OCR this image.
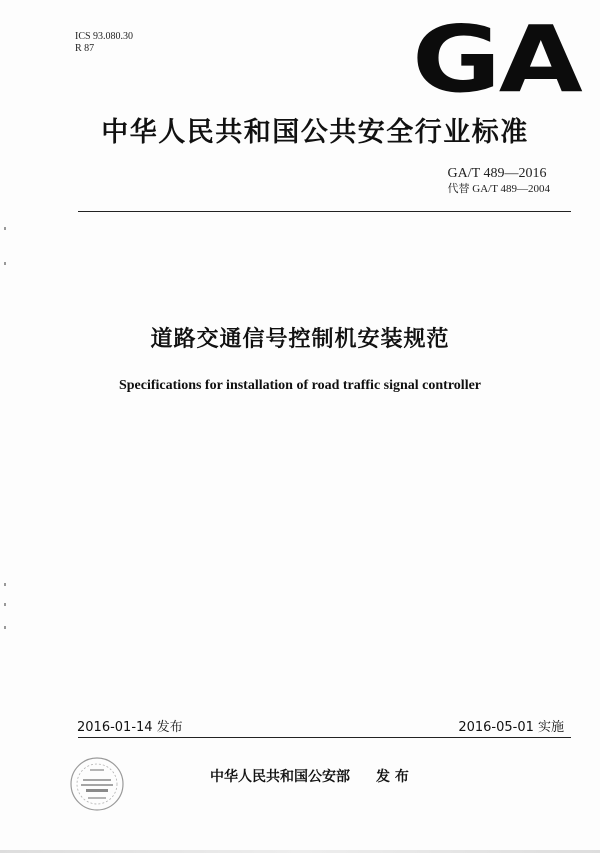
ICS 93.080.30
R 87	GA
中华人民共和国公共安全行业标准
GA/T 489—2016
代替 GA/T 489—2004
道路交通信号控制机安装规范
Specifications for installation of road traffic signal controller
2016-01-14 发布	2016-05-01 实施
中华人民共和国公安部 发 布
